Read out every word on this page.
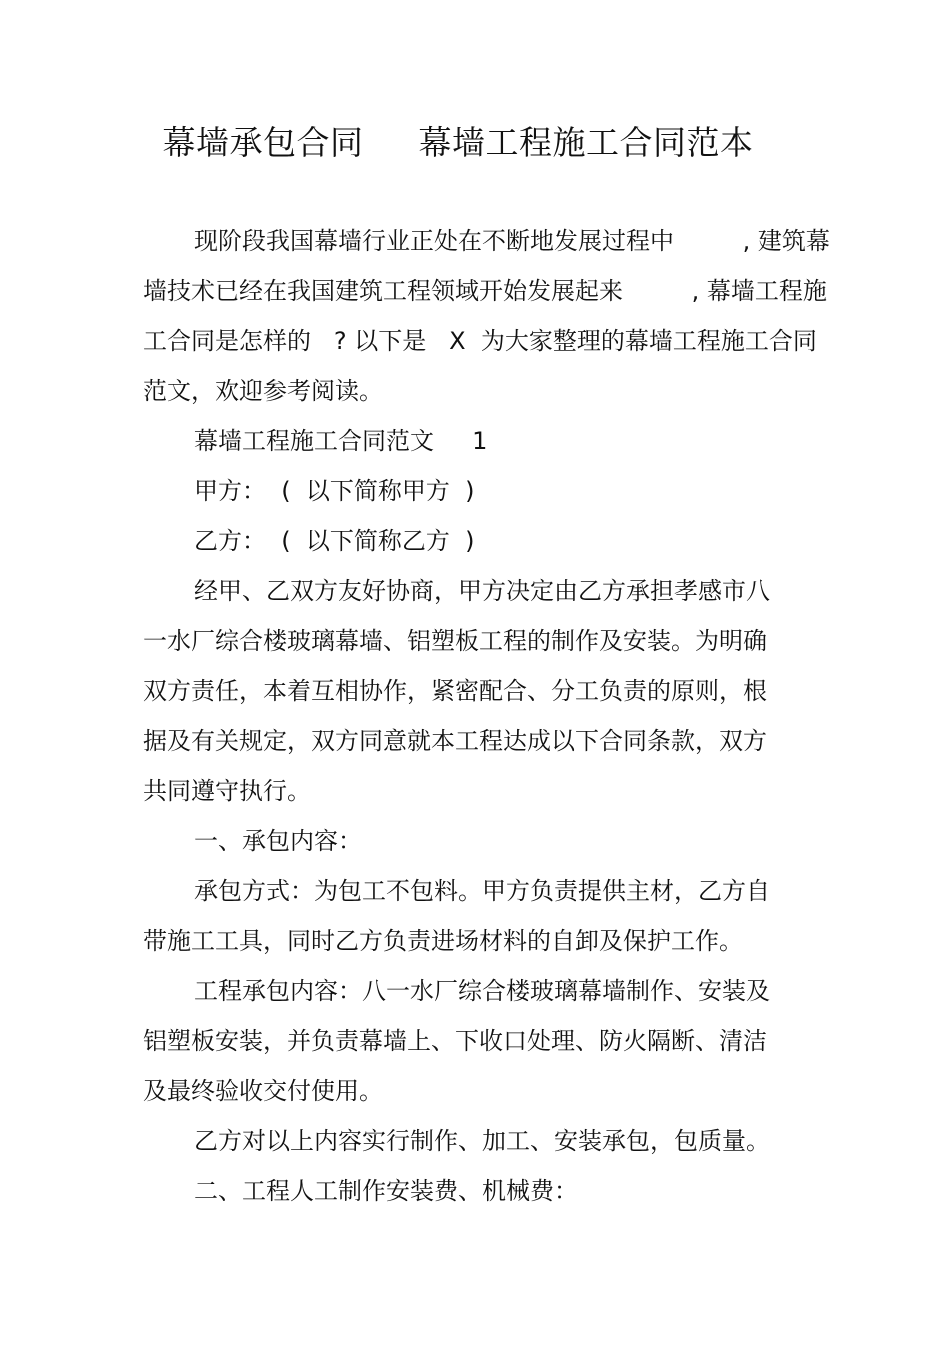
幕墙承包合同     幕墙工程施工合同范本
现阶段我国幕墙行业正处在不断地发展过程中         , 建筑幕
墙技术已经在我国建筑工程领域开始发展起来         , 幕墙工程施
工合同是怎样的   ? 以下是   X  为大家整理的幕墙工程施工合同
范文，欢迎参考阅读。
幕墙工程施工合同范文     1
甲方：  (  以下简称甲方  )
乙方：  (  以下简称乙方  )
经甲、乙双方友好协商，甲方决定由乙方承担孝感市八
一水厂综合楼玻璃幕墙、铝塑板工程的制作及安装。为明确
双方责任，本着互相协作，紧密配合、分工负责的原则，根
据及有关规定，双方同意就本工程达成以下合同条款，双方
共同遵守执行。
一、承包内容：
承包方式：为包工不包料。甲方负责提供主材，乙方自
带施工工具，同时乙方负责进场材料的自卸及保护工作。
工程承包内容：八一水厂综合楼玻璃幕墙制作、安装及
铝塑板安装，并负责幕墙上、下收口处理、防火隔断、清洁
及最终验收交付使用。
乙方对以上内容实行制作、加工、安装承包，包质量。
二、工程人工制作安装费、机械费：
